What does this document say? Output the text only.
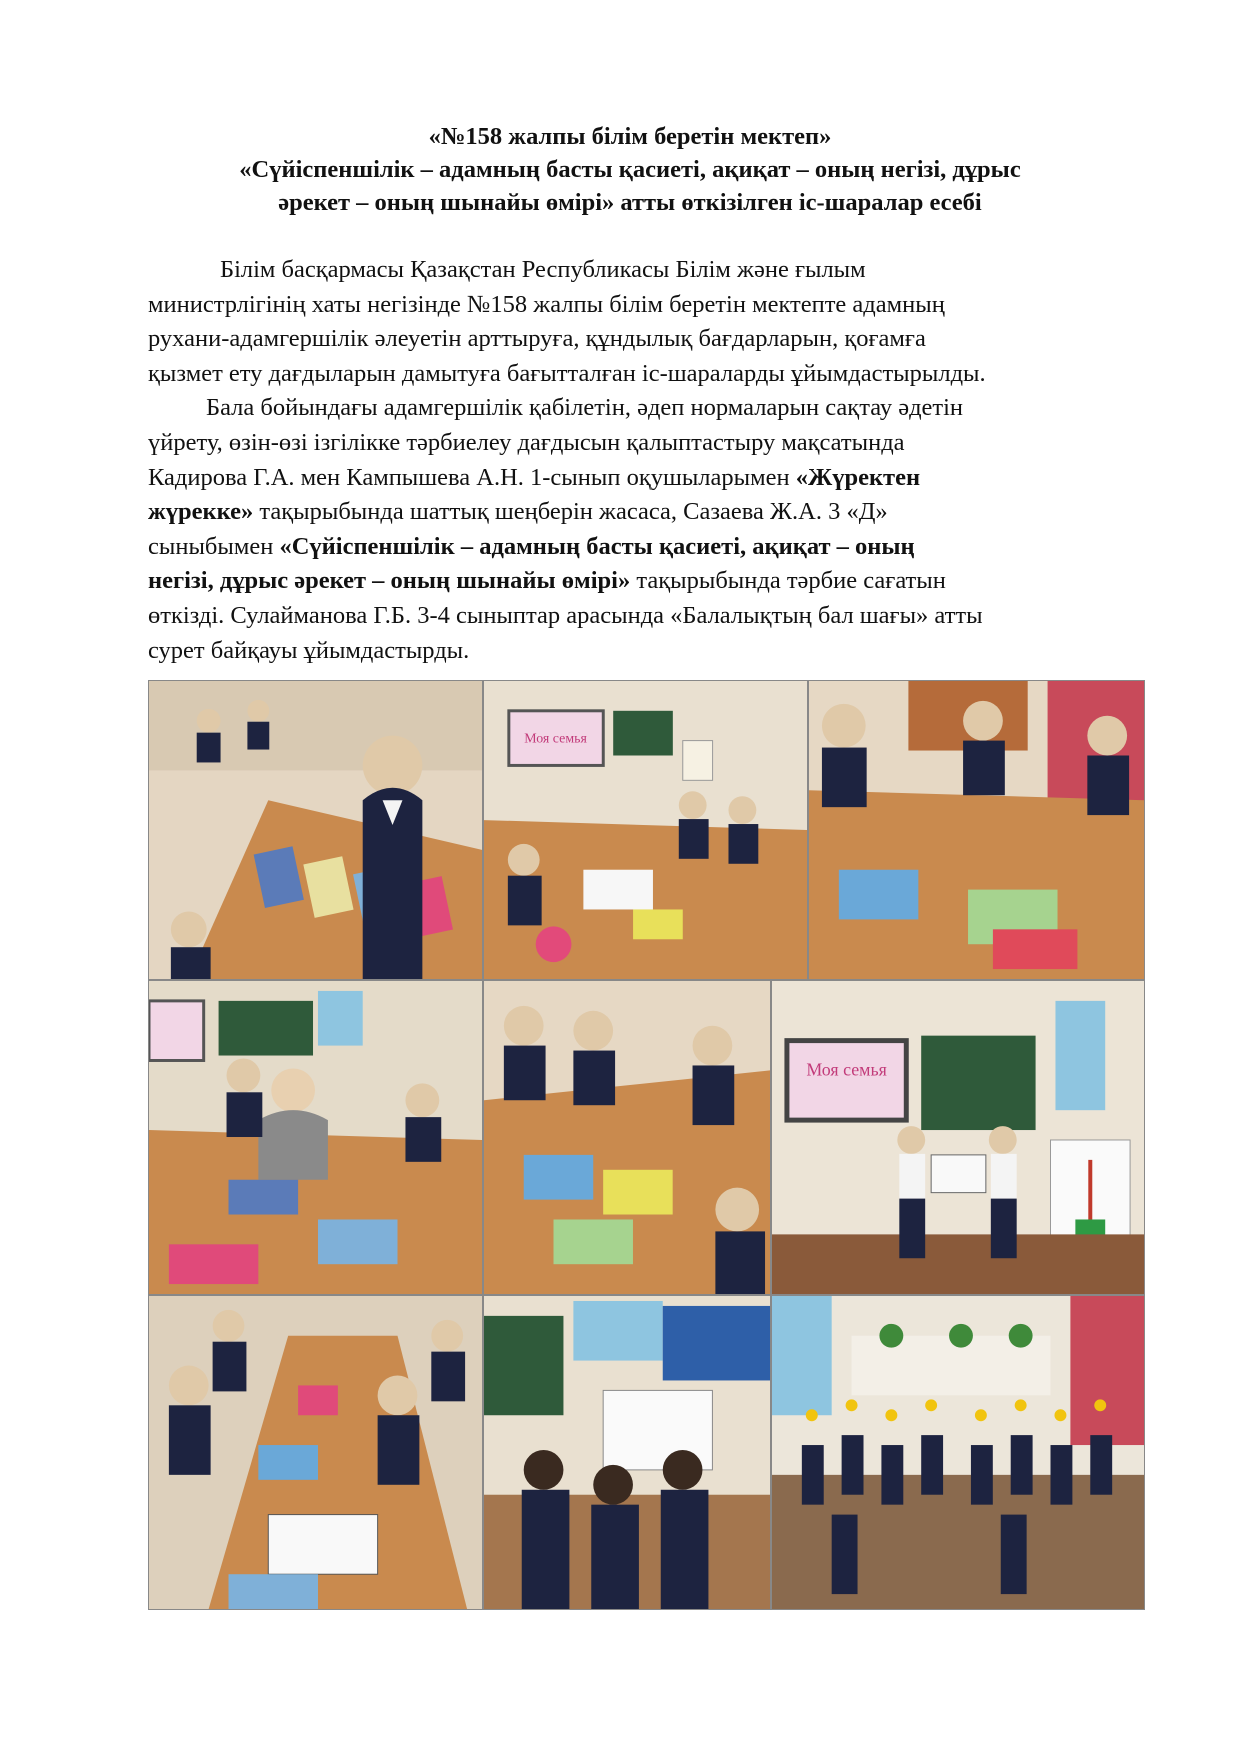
«№158 жалпы білім беретін мектеп»
«Сүйіспеншілік – адамның басты қасиеті, ақиқат – оның негізі, дұрыс
әрекет – оның шынайы өмірі» атты өткізілген іс-шаралар есебі
Білім басқармасы Қазақстан Республикасы Білім және ғылым
министрлігінің хаты негізінде №158 жалпы білім беретін мектепте адамның
рухани-адамгершілік әлеуетін арттыруға, құндылық бағдарларын, қоғамға
қызмет ету дағдыларын дамытуға бағытталған іс-шараларды ұйымдастырылды.
Бала бойындағы адамгершілік қабілетін, әдеп нормаларын сақтау әдетін
үйрету, өзін-өзі ізгілікке тәрбиелеу дағдысын қалыптастыру мақсатында
Кадирова Г.А. мен Кампышева А.Н. 1-сынып оқушыларымен «Жүректен
жүрекке» тақырыбында шаттық шеңберін жасаса, Сазаева Ж.А. 3 «Д»
сыныбымен «Сүйіспеншілік – адамның басты қасиеті, ақиқат – оның
негізі, дұрыс әрекет – оның шынайы өмірі» тақырыбында тәрбие сағатын
өткізді. Сулайманова Г.Б. 3-4 сыныптар арасында «Балалықтың бал шағы» атты
сурет байқауы ұйымдастырды.
Моя семья
Моя семья
